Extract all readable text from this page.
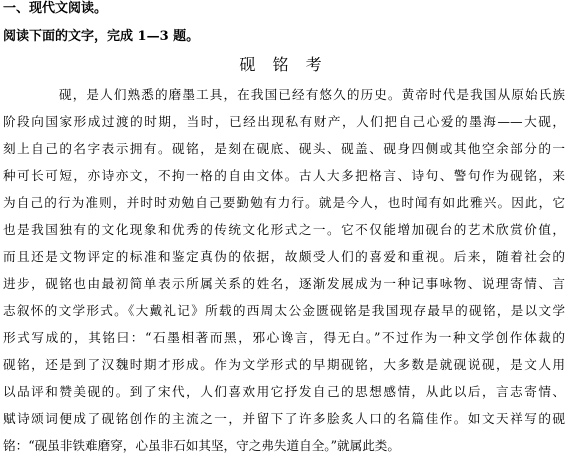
一、现代文阅读。
阅读下面的文字，完成 1—3 题。
砚 铭 考
砚，是人们熟悉的磨墨工具，在我国已经有悠久的历史。黄帝时代是我国从原始氏族
阶段向国家形成过渡的时期，当时，已经出现私有财产，人们把自己心爱的墨海——大砚，
刻上自己的名字表示拥有。砚铭，是刻在砚底、砚头、砚盖、砚身四侧或其他空余部分的一
种可长可短，亦诗亦文，不拘一格的自由文体。古人大多把格言、诗句、警句作为砚铭，来
为自己的行为准则，并时时劝勉自己要勤勉有力行。就是今人，也时闻有如此雅兴。因此，它
也是我国独有的文化现象和优秀的传统文化形式之一。它不仅能增加砚台的艺术欣赏价值，
而且还是文物评定的标准和鉴定真伪的依据，故颇受人们的喜爱和重视。后来，随着社会的
进步，砚铭也由最初简单表示所属关系的姓名，逐渐发展成为一种记事咏物、说理寄情、言
志叙怀的文学形式。《大戴礼记》所载的西周太公金匮砚铭是我国现存最早的砚铭，是以文学
形式写成的，其铭曰：“石墨相著而黑，邪心谗言，得无白。”不过作为一种文学创作体裁的
砚铭，还是到了汉魏时期才形成。作为文学形式的早期砚铭，大多数是就砚说砚，是文人用
以品评和赞美砚的。到了宋代，人们喜欢用它抒发自己的思想感情，从此以后，言志寄情、
赋诗颂词便成了砚铭创作的主流之一，并留下了许多脍炙人口的名篇佳作。如文天祥写的砚
铭：“砚虽非铁难磨穿，心虽非石如其坚，守之弗失道自全。”就属此类。
